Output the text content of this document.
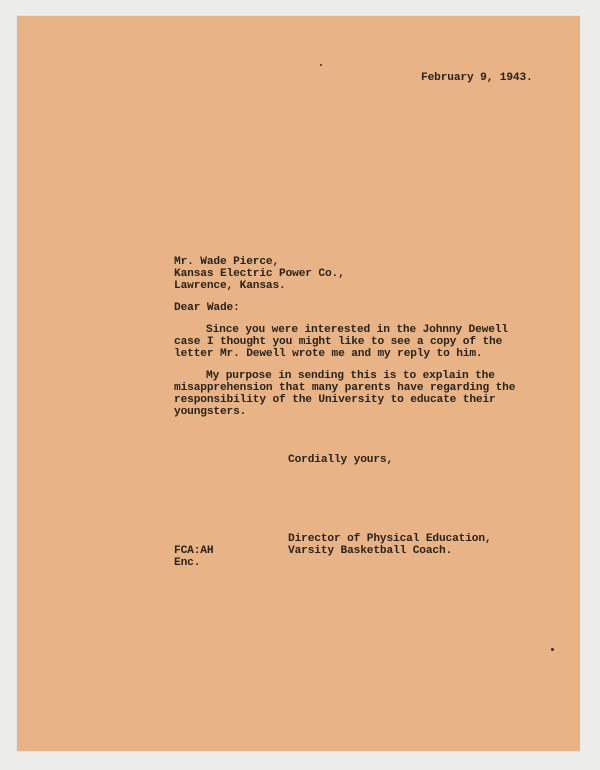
February 9, 1943.
Mr. Wade Pierce,
Kansas Electric Power Co.,
Lawrence, Kansas.
Dear Wade:
Since you were interested in the Johnny Dewell
case I thought you might like to see a copy of the
letter Mr. Dewell wrote me and my reply to him.
My purpose in sending this is to explain the
misapprehension that many parents have regarding the
responsibility of the University to educate their
youngsters.
Cordially yours,
Director of Physical Education,
Varsity Basketball Coach.
FCA:AH
Enc.
